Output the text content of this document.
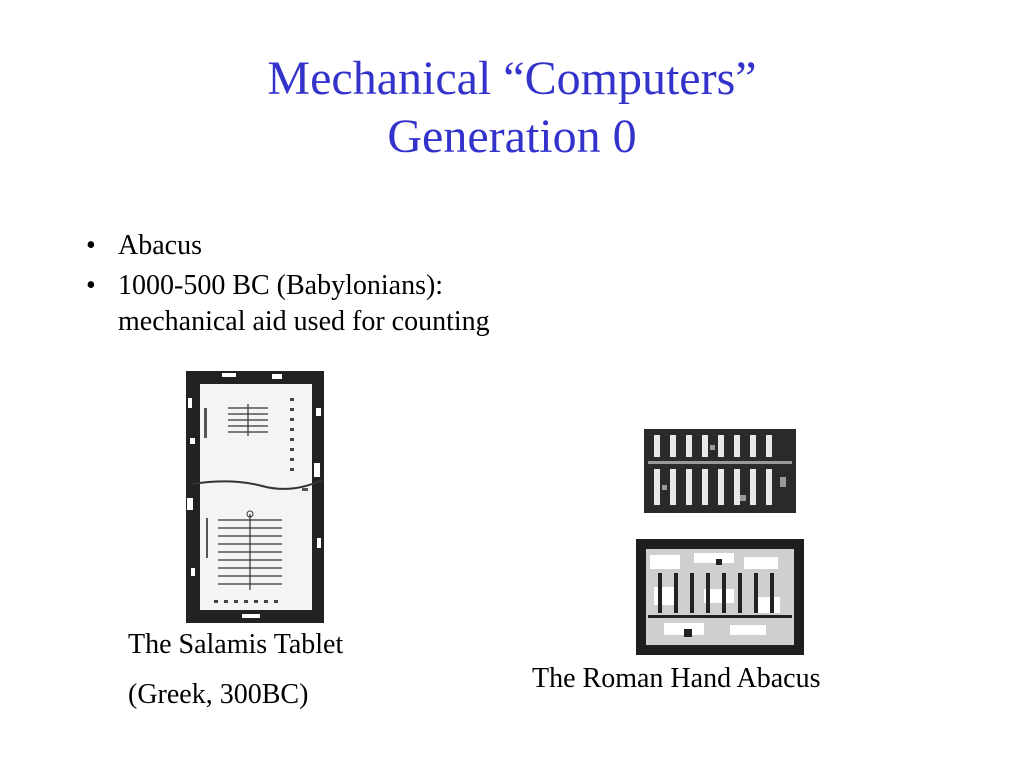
Mechanical “Computers”
Generation 0
• Abacus
• 1000-500 BC (Babylonians):
mechanical aid used for counting
The Salamis Tablet
(Greek, 300BC)
The Roman Hand Abacus
